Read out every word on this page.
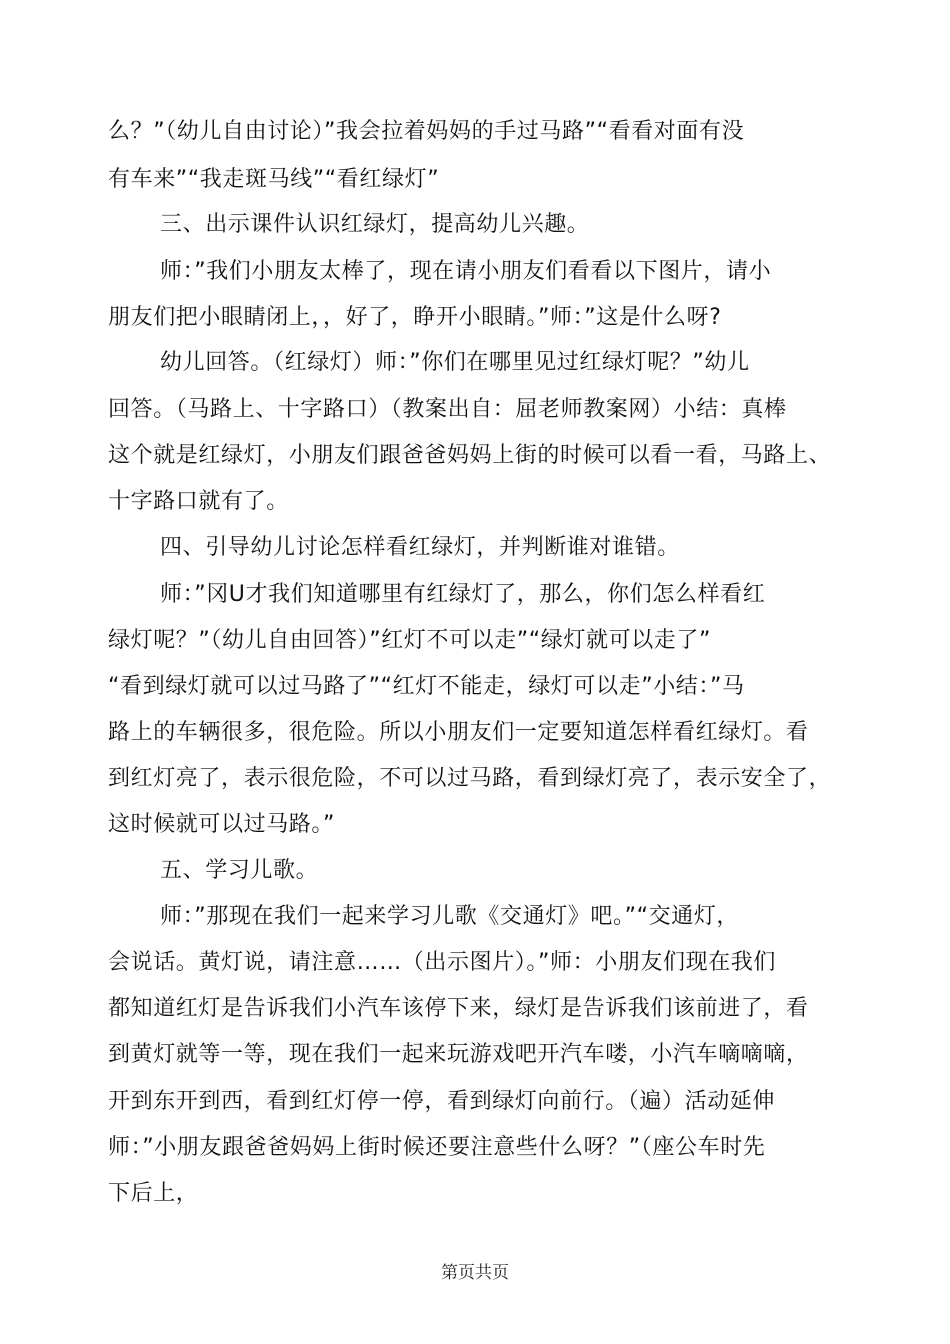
么？”（幼儿自由讨论）”我会拉着妈妈的手过马路”“看看对面有没
有车来”“我走斑马线”“看红绿灯”
三、出示课件认识红绿灯，提高幼儿兴趣。
师：”我们小朋友太棒了，现在请小朋友们看看以下图片，请小
朋友们把小眼睛闭上，，好了，睁开小眼睛。”师：”这是什么呀?
幼儿回答。（红绿灯）师：”你们在哪里见过红绿灯呢？”幼儿
回答。（马路上、十字路口）（教案出自：屈老师教案网）小结：真棒
这个就是红绿灯，小朋友们跟爸爸妈妈上街的时候可以看一看，马路上、
十字路口就有了。
四、引导幼儿讨论怎样看红绿灯，并判断谁对谁错。
师：”冈U才我们知道哪里有红绿灯了，那么，你们怎么样看红
绿灯呢？”（幼儿自由回答）”红灯不可以走”“绿灯就可以走了”
“看到绿灯就可以过马路了”“红灯不能走，绿灯可以走”小结：”马
路上的车辆很多，很危险。所以小朋友们一定要知道怎样看红绿灯。看
到红灯亮了，表示很危险，不可以过马路，看到绿灯亮了，表示安全了，
这时候就可以过马路。”
五、学习儿歌。
师：”那现在我们一起来学习儿歌《交通灯》吧。”“交通灯，
会说话。黄灯说，请注意……（出示图片）。”师：小朋友们现在我们
都知道红灯是告诉我们小汽车该停下来，绿灯是告诉我们该前进了，看
到黄灯就等一等，现在我们一起来玩游戏吧开汽车喽，小汽车嘀嘀嘀，
开到东开到西，看到红灯停一停，看到绿灯向前行。（遍）活动延伸
师：”小朋友跟爸爸妈妈上街时候还要注意些什么呀？”（座公车时先
下后上，
第页共页
